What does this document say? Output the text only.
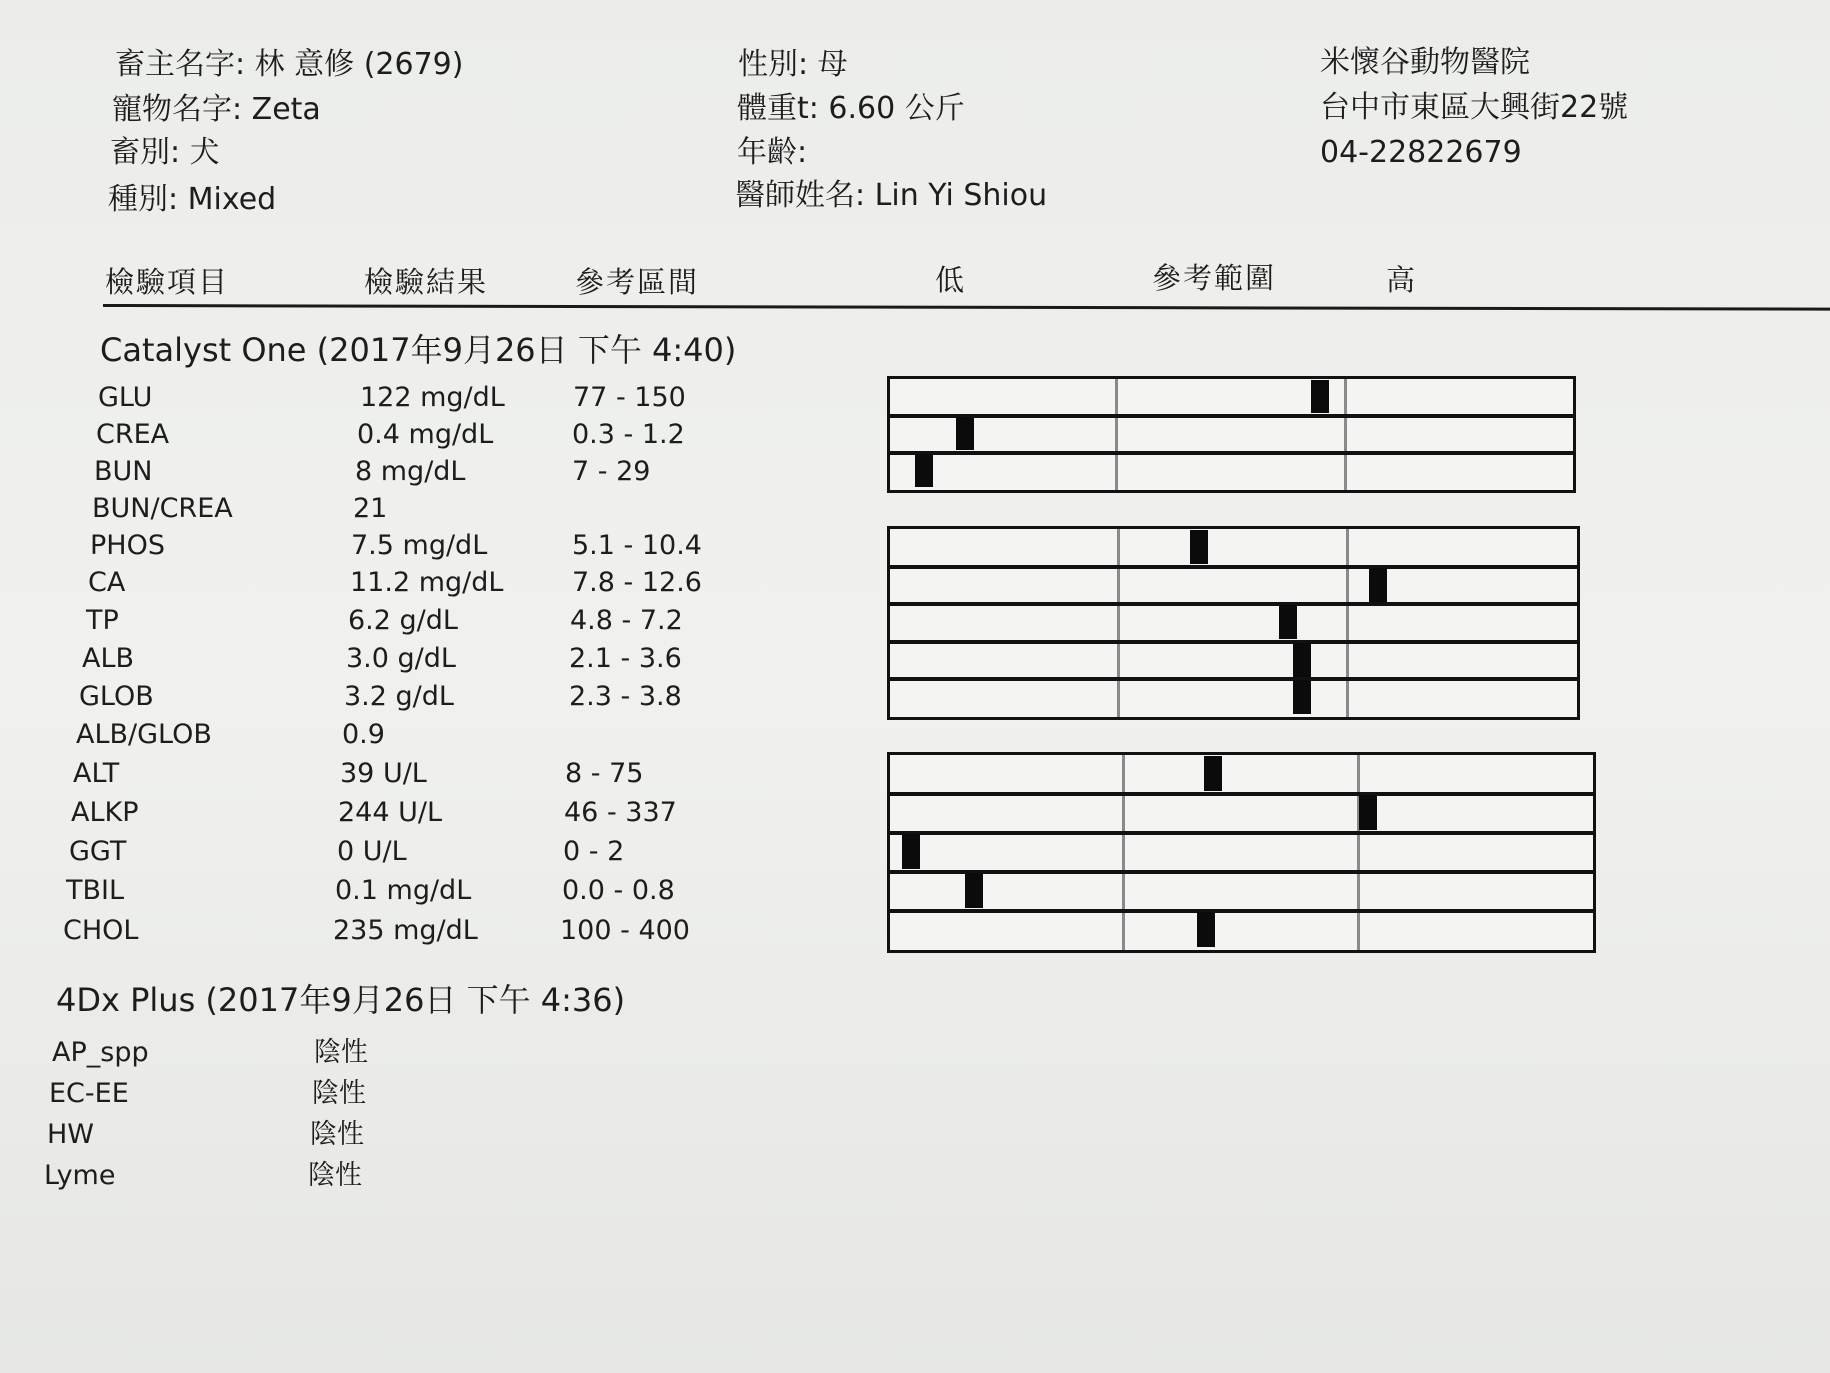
畜主名字: 林 意修 (2679)
寵物名字: Zeta
畜別: 犬
種別: Mixed
性別: 母
體重t: 6.60 公斤
年齡:
醫師姓名: Lin Yi Shiou
米懷谷動物醫院
台中市東區大興街22號
04-22822679
檢驗項目	檢驗結果	參考區間	低	參考範圍	高
Catalyst One (2017年9月26日 下午 4:40)
GLU	122 mg/dL	77 - 150
CREA	0.4 mg/dL	0.3 - 1.2
BUN	8 mg/dL	7 - 29
BUN/CREA	21
PHOS	7.5 mg/dL	5.1 - 10.4
CA	11.2 mg/dL	7.8 - 12.6
TP	6.2 g/dL	4.8 - 7.2
ALB	3.0 g/dL	2.1 - 3.6
GLOB	3.2 g/dL	2.3 - 3.8
ALB/GLOB	0.9
ALT	39 U/L	8 - 75
ALKP	244 U/L	46 - 337
GGT	0 U/L	0 - 2
TBIL	0.1 mg/dL	0.0 - 0.8
CHOL	235 mg/dL	100 - 400
4Dx Plus (2017年9月26日 下午 4:36)
AP_spp	陰性
EC-EE	陰性
HW	陰性
Lyme	陰性
